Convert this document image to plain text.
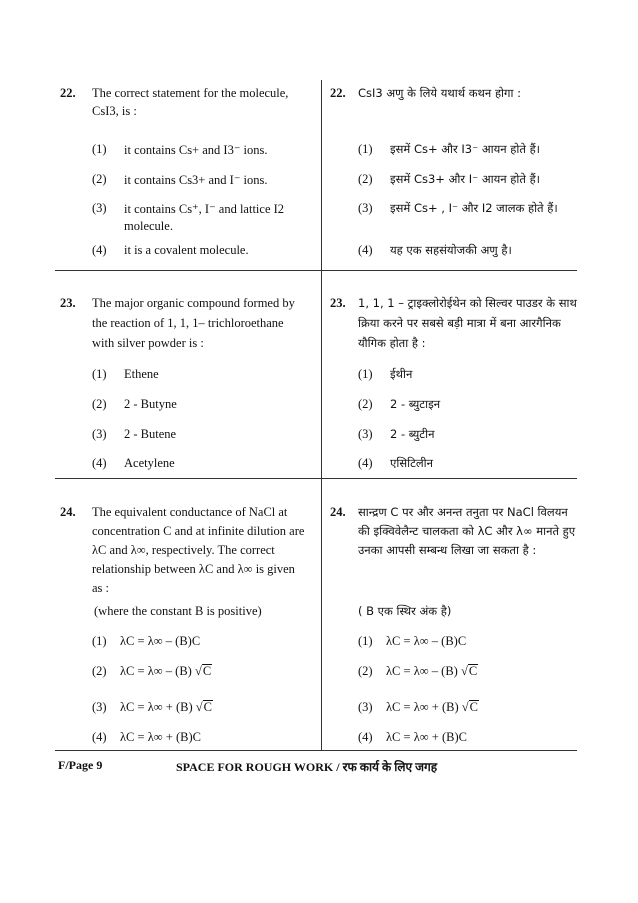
22. The correct statement for the molecule,
CsI3, is :
(1) it contains Cs+ and I3⁻ ions.
(2) it contains Cs3+ and I⁻ ions.
(3) it contains Cs⁺, I⁻ and lattice I2
molecule.
(4) it is a covalent molecule.
22. CsI3 अणु के लिये यथार्थ कथन होगा :
(1) इसमें Cs+ और I3⁻ आयन होते हैं।
(2) इसमें Cs3+ और I⁻ आयन होते हैं।
(3) इसमें Cs+ , I⁻ और I2 जालक होते हैं।
(4) यह एक सहसंयोजकी अणु है।
23. The major organic compound formed by
the reaction of 1, 1, 1– trichloroethane
with silver powder is :
(1) Ethene
(2) 2 - Butyne
(3) 2 - Butene
(4) Acetylene
23. 1, 1, 1 – ट्राइक्लोरोईथेन को सिल्वर पाउडर के साथ
क्रिया करने पर सबसे बड़ी मात्रा में बना आरगैनिक
यौगिक होता है :
(1) ईथीन
(2) 2 - ब्युटाइन
(3) 2 - ब्युटीन
(4) एसिटिलीन
24. The equivalent conductance of NaCl at
concentration C and at infinite dilution are
λC and λ∞, respectively. The correct
relationship between λC and λ∞ is given
as :
(where the constant B is positive)
(1) λC = λ∞ – (B)C
(2) λC = λ∞ – (B) √C
(3) λC = λ∞ + (B) √C
(4) λC = λ∞ + (B)C
24. सान्द्रण C पर और अनन्त तनुता पर NaCl विलयन
की इक्विवेलैन्ट चालकता को λC और λ∞ मानते हुए
उनका आपसी सम्बन्ध लिखा जा सकता है :
( B एक स्थिर अंक है)
(1) λC = λ∞ – (B)C
(2) λC = λ∞ – (B) √C
(3) λC = λ∞ + (B) √C
(4) λC = λ∞ + (B)C
F/Page 9	SPACE FOR ROUGH WORK / रफ कार्य के लिए जगह
